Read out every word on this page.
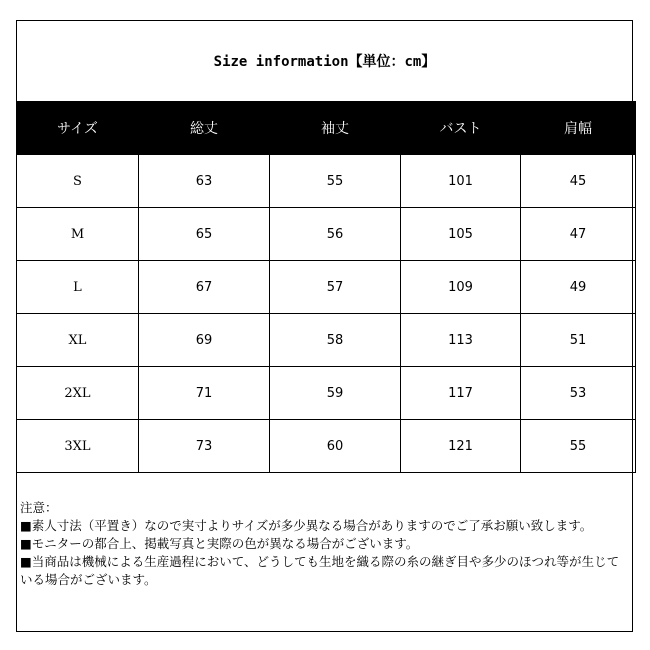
Size information【単位：cm】
サイズ	総丈	袖丈	バスト	肩幅
S	63	55	101	45
M	65	56	105	47
L	67	57	109	49
XL	69	58	113	51
2XL	71	59	117	53
3XL	73	60	121	55

注意：

■素人寸法（平置き）なので実寸よりサイズが多少異なる場合がありますのでご了承お願い致します。

■モニターの都合上、掲載写真と実際の色が異なる場合がございます。

■当商品は機械による生産過程において、どうしても生地を織る際の糸の継ぎ目や多少のほつれ等が生じている場合がございます。
